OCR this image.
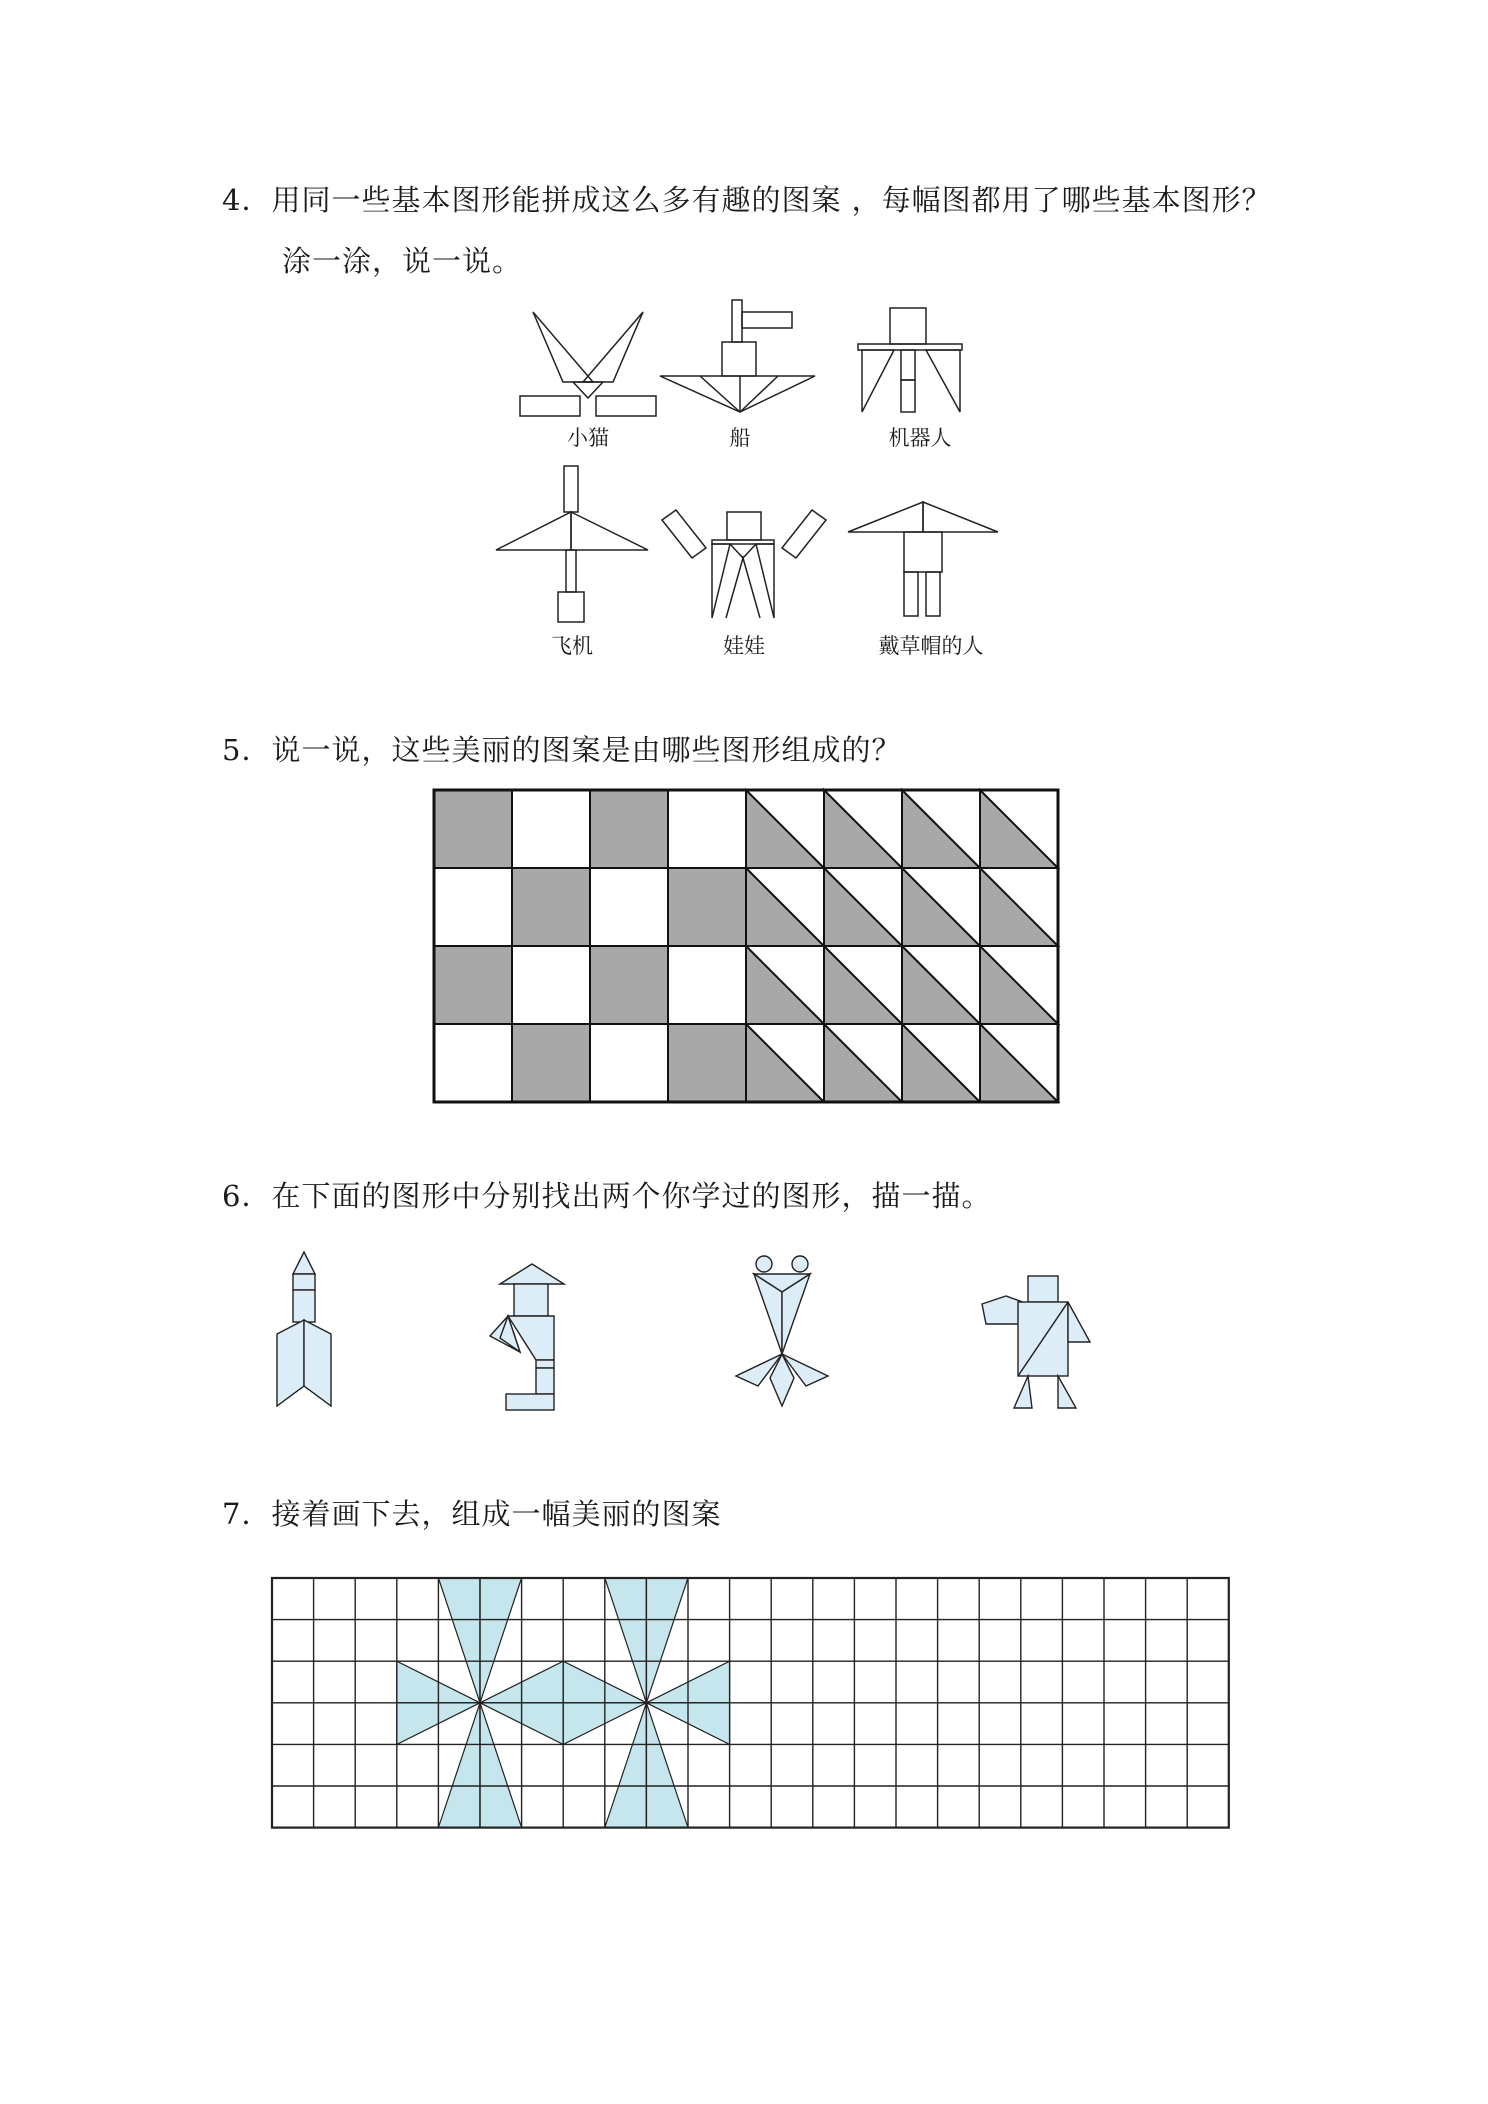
4．用同一些基本图形能拼成这么多有趣的图案 ，每幅图都用了哪些基本图形？
涂一涂，说一说。
小猫	船	机器人
飞机	娃娃	戴草帽的人
5．说一说，这些美丽的图案是由哪些图形组成的？
6．在下面的图形中分别找出两个你学过的图形，描一描。
7．接着画下去，组成一幅美丽的图案
